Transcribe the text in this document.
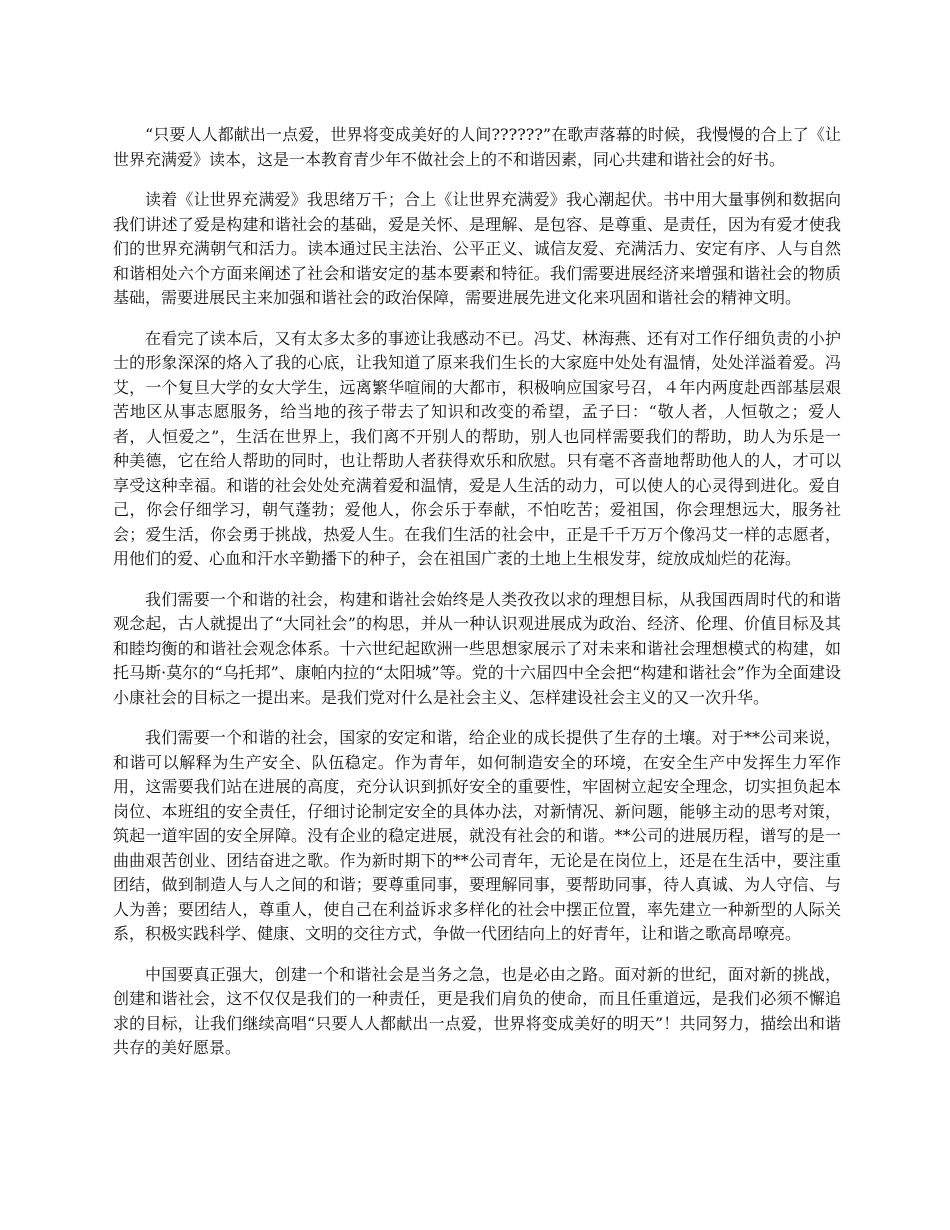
“只要人人都献出一点爱，世界将变成美好的人间??????”在歌声落幕的时候，我慢慢的合上了《让世界充满爱》读本，这是一本教育青少年不做社会上的不和谐因素，同心共建和谐社会的好书。

读着《让世界充满爱》我思绪万千；合上《让世界充满爱》我心潮起伏。书中用大量事例和数据向我们讲述了爱是构建和谐社会的基础，爱是关怀、是理解、是包容、是尊重、是责任，因为有爱才使我们的世界充满朝气和活力。读本通过民主法治、公平正义、诚信友爱、充满活力、安定有序、人与自然和谐相处六个方面来阐述了社会和谐安定的基本要素和特征。我们需要进展经济来增强和谐社会的物质基础，需要进展民主来加强和谐社会的政治保障，需要进展先进文化来巩固和谐社会的精神文明。

在看完了读本后，又有太多太多的事迹让我感动不已。冯艾、林海燕、还有对工作仔细负责的小护士的形象深深的烙入了我的心底，让我知道了原来我们生长的大家庭中处处有温情，处处洋溢着爱。冯艾，一个复旦大学的女大学生，远离繁华喧闹的大都市，积极响应国家号召，４年内两度赴西部基层艰苦地区从事志愿服务，给当地的孩子带去了知识和改变的希望，孟子曰：“敬人者，人恒敬之；爱人者，人恒爱之”，生活在世界上，我们离不开别人的帮助，别人也同样需要我们的帮助，助人为乐是一种美德，它在给人帮助的同时，也让帮助人者获得欢乐和欣慰。只有毫不吝啬地帮助他人的人，才可以享受这种幸福。和谐的社会处处充满着爱和温情，爱是人生活的动力，可以使人的心灵得到进化。爱自己，你会仔细学习，朝气蓬勃；爱他人，你会乐于奉献，不怕吃苦；爱祖国，你会理想远大，服务社会；爱生活，你会勇于挑战，热爱人生。在我们生活的社会中，正是千千万万个像冯艾一样的志愿者，用他们的爱、心血和汗水辛勤播下的种子，会在祖国广袤的土地上生根发芽，绽放成灿烂的花海。

我们需要一个和谐的社会，构建和谐社会始终是人类孜孜以求的理想目标，从我国西周时代的和谐观念起，古人就提出了“大同社会”的构思，并从一种认识观进展成为政治、经济、伦理、价值目标及其和睦均衡的和谐社会观念体系。十六世纪起欧洲一些思想家展示了对未来和谐社会理想模式的构建，如托马斯·莫尔的“乌托邦”、康帕内拉的“太阳城”等。党的十六届四中全会把“构建和谐社会”作为全面建设小康社会的目标之一提出来。是我们党对什么是社会主义、怎样建设社会主义的又一次升华。

我们需要一个和谐的社会，国家的安定和谐，给企业的成长提供了生存的土壤。对于**公司来说，和谐可以解释为生产安全、队伍稳定。作为青年，如何制造安全的环境，在安全生产中发挥生力军作用，这需要我们站在进展的高度，充分认识到抓好安全的重要性，牢固树立起安全理念，切实担负起本岗位、本班组的安全责任，仔细讨论制定安全的具体办法，对新情况、新问题，能够主动的思考对策，筑起一道牢固的安全屏障。没有企业的稳定进展，就没有社会的和谐。**公司的进展历程，谱写的是一曲曲艰苦创业、团结奋进之歌。作为新时期下的**公司青年，无论是在岗位上，还是在生活中，要注重团结，做到制造人与人之间的和谐；要尊重同事，要理解同事，要帮助同事，待人真诚、为人守信、与人为善；要团结人，尊重人，使自己在利益诉求多样化的社会中摆正位置，率先建立一种新型的人际关系，积极实践科学、健康、文明的交往方式，争做一代团结向上的好青年，让和谐之歌高昂嘹亮。

中国要真正强大，创建一个和谐社会是当务之急，也是必由之路。面对新的世纪，面对新的挑战，创建和谐社会，这不仅仅是我们的一种责任，更是我们肩负的使命，而且任重道远，是我们必须不懈追求的目标，让我们继续高唱“只要人人都献出一点爱，世界将变成美好的明天”！共同努力，描绘出和谐共存的美好愿景。
